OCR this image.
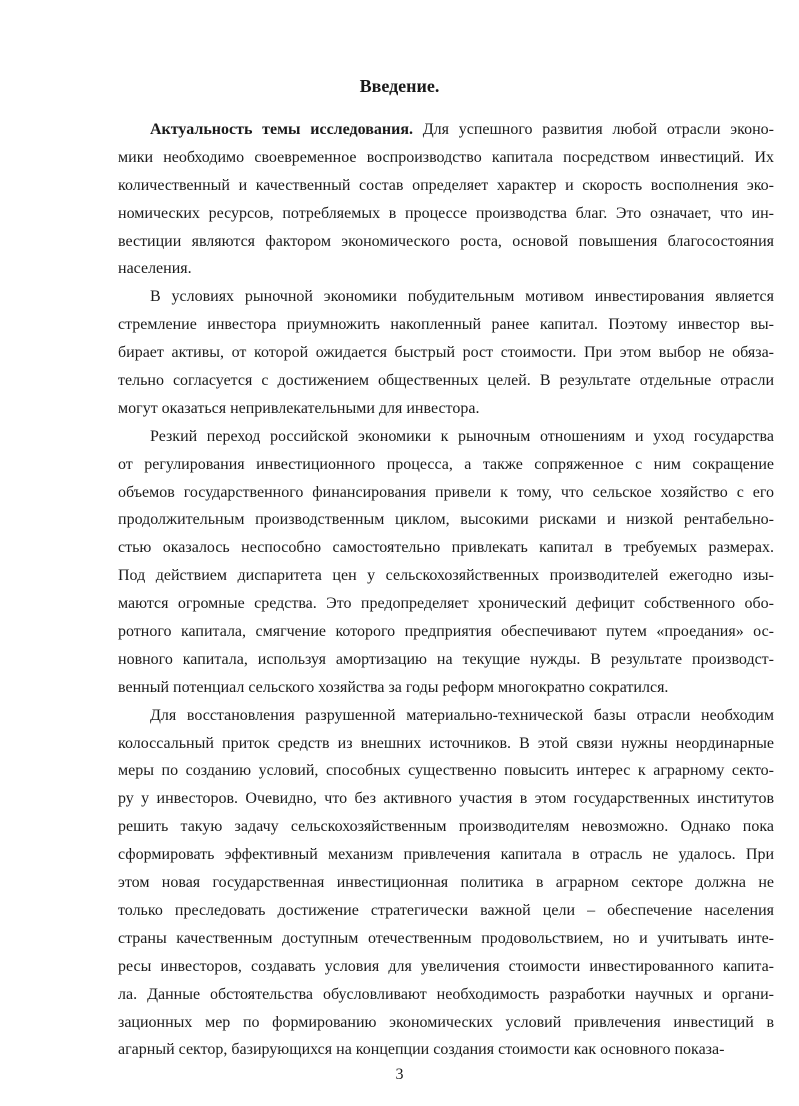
Введение.
Актуальность темы исследования. Для успешного развития любой отрасли эконо-
мики необходимо своевременное воспроизводство капитала посредством инвестиций. Их
количественный и качественный состав определяет характер и скорость восполнения эко-
номических ресурсов, потребляемых в процессе производства благ. Это означает, что ин-
вестиции являются фактором экономического роста, основой повышения благосостояния
населения.
В условиях рыночной экономики побудительным мотивом инвестирования является
стремление инвестора приумножить накопленный ранее капитал. Поэтому инвестор вы-
бирает активы, от которой ожидается быстрый рост стоимости. При этом выбор не обяза-
тельно согласуется с достижением общественных целей. В результате отдельные отрасли
могут оказаться непривлекательными для инвестора.
Резкий переход российской экономики к рыночным отношениям и уход государства
от регулирования инвестиционного процесса, а также сопряженное с ним сокращение
объемов государственного финансирования привели к тому, что сельское хозяйство с его
продолжительным производственным циклом, высокими рисками и низкой рентабельно-
стью оказалось неспособно самостоятельно привлекать капитал в требуемых размерах.
Под действием диспаритета цен у сельскохозяйственных производителей ежегодно изы-
маются огромные средства. Это предопределяет хронический дефицит собственного обо-
ротного капитала, смягчение которого предприятия обеспечивают путем «проедания» ос-
новного капитала, используя амортизацию на текущие нужды. В результате производст-
венный потенциал сельского хозяйства за годы реформ многократно сократился.
Для восстановления разрушенной материально-технической базы отрасли необходим
колоссальный приток средств из внешних источников. В этой связи нужны неординарные
меры по созданию условий, способных существенно повысить интерес к аграрному секто-
ру у инвесторов. Очевидно, что без активного участия в этом государственных институтов
решить такую задачу сельскохозяйственным производителям невозможно. Однако пока
сформировать эффективный механизм привлечения капитала в отрасль не удалось. При
этом новая государственная инвестиционная политика в аграрном секторе должна не
только преследовать достижение стратегически важной цели – обеспечение населения
страны качественным доступным отечественным продовольствием, но и учитывать инте-
ресы инвесторов, создавать условия для увеличения стоимости инвестированного капита-
ла. Данные обстоятельства обусловливают необходимость разработки научных и органи-
зационных мер по формированию экономических условий привлечения инвестиций в
агарный сектор, базирующихся на концепции создания стоимости как основного показа-
3
